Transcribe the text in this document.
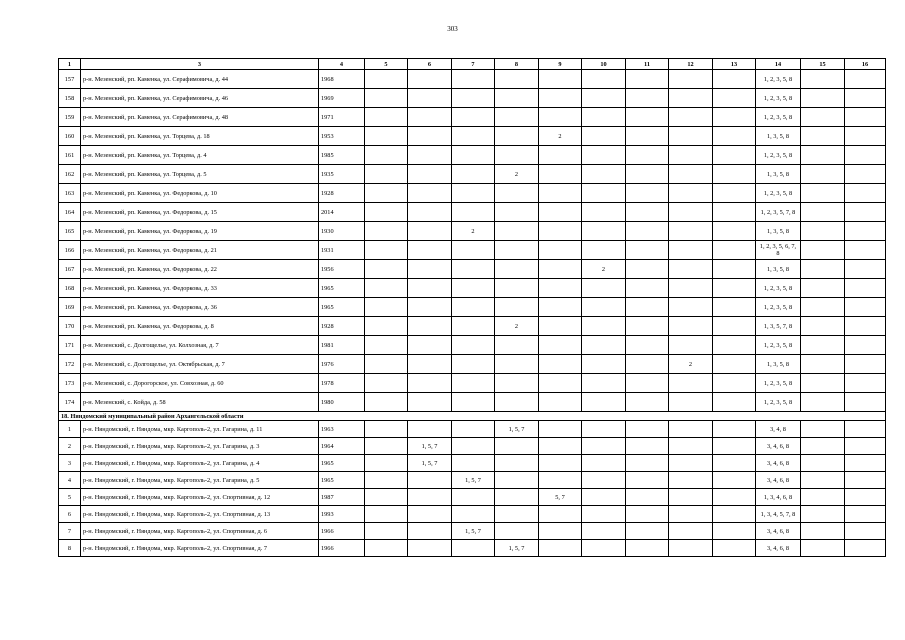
303
1	3	4	5	6	7	8	9	10	11	12	13	14	15	16
157	р-н. Мезенский, рп. Каменка, ул. Серафимовича, д. 44	1968										1, 2, 3, 5, 8		
158	р-н. Мезенский, рп. Каменка, ул. Серафимовича, д. 46	1969										1, 2, 3, 5, 8		
159	р-н. Мезенский, рп. Каменка, ул. Серафимовича, д. 48	1971										1, 2, 3, 5, 8		
160	р-н. Мезенский, рп. Каменка, ул. Торцева, д. 18	1953					2					1, 3, 5, 8		
161	р-н. Мезенский, рп. Каменка, ул. Торцева, д. 4	1985										1, 2, 3, 5, 8		
162	р-н. Мезенский, рп. Каменка, ул. Торцева, д. 5	1935				2						1, 3, 5, 8		
163	р-н. Мезенский, рп. Каменка, ул. Федоркова, д. 10	1928										1, 2, 3, 5, 8		
164	р-н. Мезенский, рп. Каменка, ул. Федоркова, д. 15	2014										1, 2, 3, 5, 7, 8		
165	р-н. Мезенский, рп. Каменка, ул. Федоркова, д. 19	1930			2							1, 3, 5, 8		
166	р-н. Мезенский, рп. Каменка, ул. Федоркова, д. 21	1931										1, 2, 3, 5, 6, 7, 8		
167	р-н. Мезенский, рп. Каменка, ул. Федоркова, д. 22	1956						2				1, 3, 5, 8		
168	р-н. Мезенский, рп. Каменка, ул. Федоркова, д. 33	1965										1, 2, 3, 5, 8		
169	р-н. Мезенский, рп. Каменка, ул. Федоркова, д. 36	1965										1, 2, 3, 5, 8		
170	р-н. Мезенский, рп. Каменка, ул. Федоркова, д. 8	1928				2						1, 3, 5, 7, 8		
171	р-н. Мезенский, с. Долгощелье, ул. Колхозная, д. 7	1981										1, 2, 3, 5, 8		
172	р-н. Мезенский, с. Долгощелье, ул. Октябрьская, д. 7	1976								2		1, 3, 5, 8		
173	р-н. Мезенский, с. Дорогорское, ул. Совхозная, д. 60	1978										1, 2, 3, 5, 8		
174	р-н. Мезенский, с. Койда, д. 58	1980										1, 2, 3, 5, 8		
18. Няндомский муниципальный район Архангельской области														
1	р-н. Няндомский, г. Няндома, мкр. Каргополь-2, ул. Гагарина, д. 11	1963				1, 5, 7						3, 4, 8		
2	р-н. Няндомский, г. Няндома, мкр. Каргополь-2, ул. Гагарина, д. 3	1964		1, 5, 7								3, 4, 6, 8		
3	р-н. Няндомский, г. Няндома, мкр. Каргополь-2, ул. Гагарина, д. 4	1965		1, 5, 7								3, 4, 6, 8		
4	р-н. Няндомский, г. Няндома, мкр. Каргополь-2, ул. Гагарина, д. 5	1965			1, 5, 7							3, 4, 6, 8		
5	р-н. Няндомский, г. Няндома, мкр. Каргополь-2, ул. Спортивная, д. 12	1987					5, 7					1, 3, 4, 6, 8		
6	р-н. Няндомский, г. Няндома, мкр. Каргополь-2, ул. Спортивная, д. 13	1993										1, 3, 4, 5, 7, 8		
7	р-н. Няндомский, г. Няндома, мкр. Каргополь-2, ул. Спортивная, д. 6	1966			1, 5, 7							3, 4, 6, 8		
8	р-н. Няндомский, г. Няндома, мкр. Каргополь-2, ул. Спортивная, д. 7	1966				1, 5, 7						3, 4, 6, 8		
